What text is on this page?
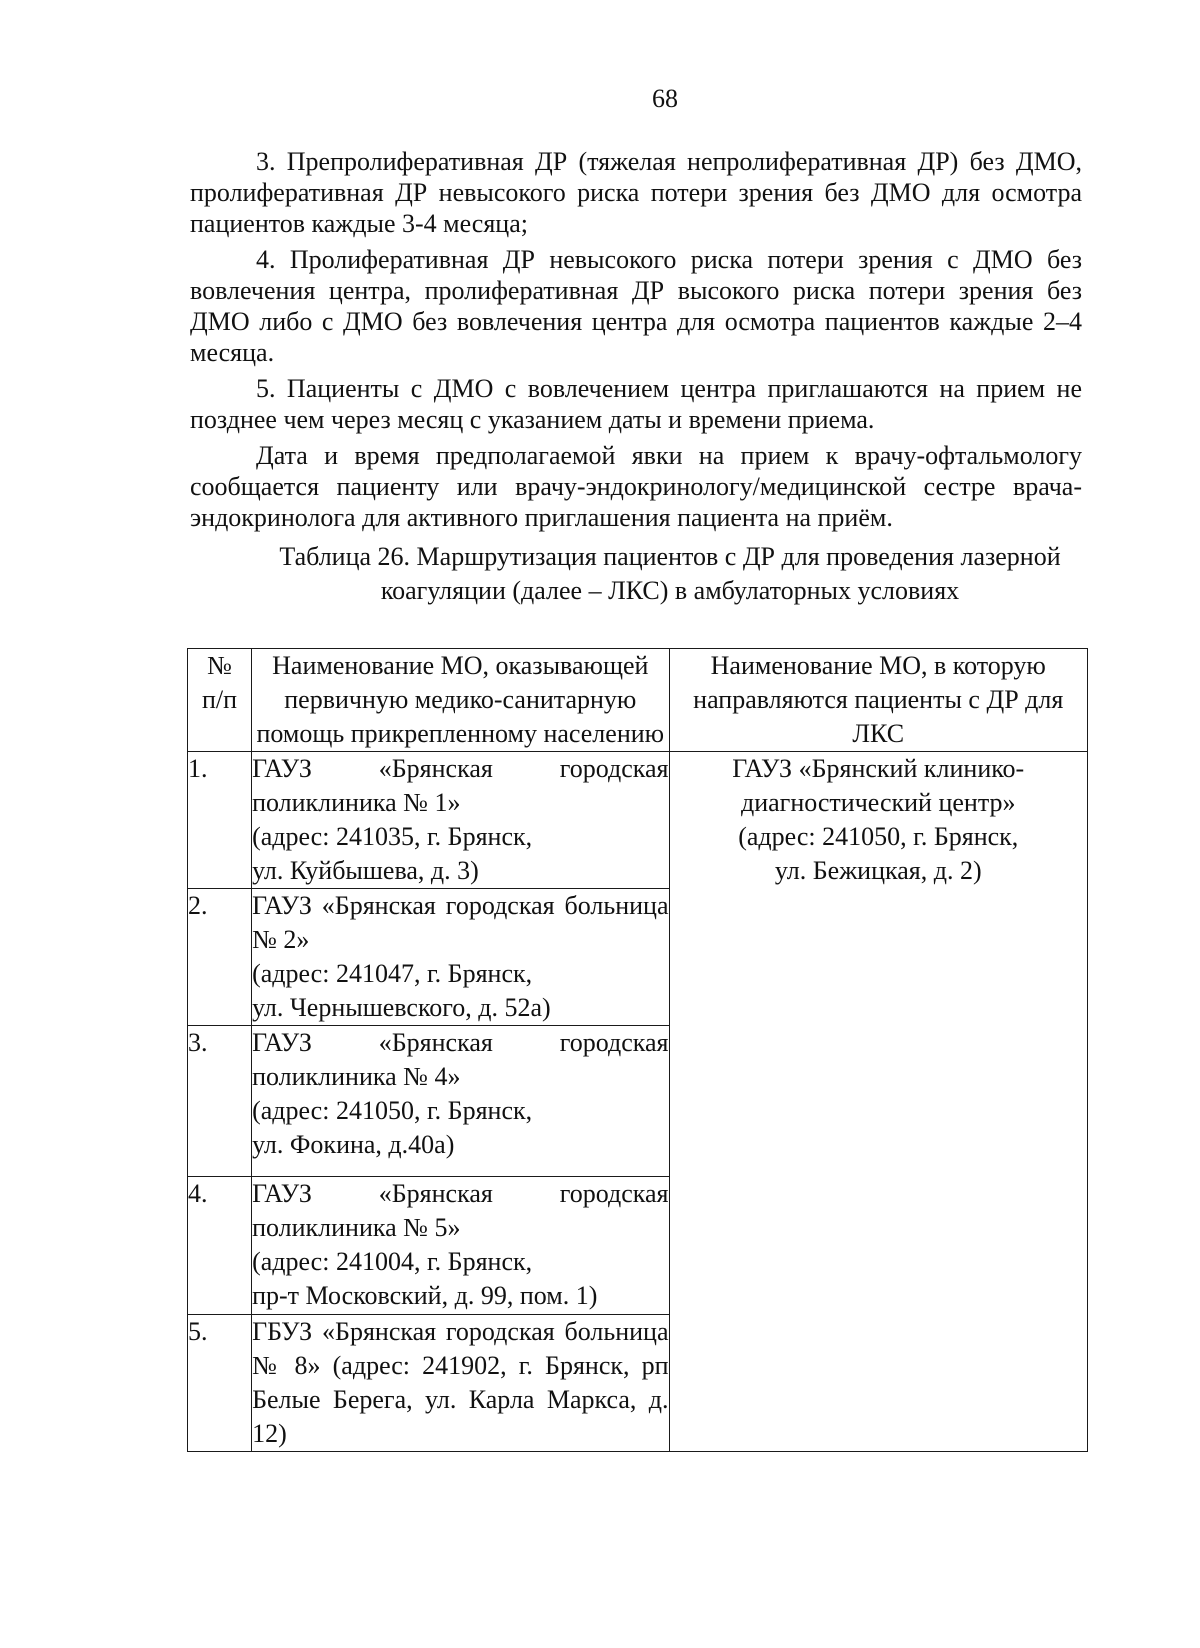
68

3. Препролиферативная ДР (тяжелая непролиферативная ДР) без ДМО, пролиферативная ДР невысокого риска потери зрения без ДМО для осмотра пациентов каждые 3-4 месяца;

4. Пролиферативная ДР невысокого риска потери зрения с ДМО без вовлечения центра, пролиферативная ДР высокого риска потери зрения без ДМО либо с ДМО без вовлечения центра для осмотра пациентов каждые 2–4 месяца.

5. Пациенты с ДМО с вовлечением центра приглашаются на прием не позднее чем через месяц с указанием даты и времени приема.

Дата и время предполагаемой явки на прием к врачу-офтальмологу сообщается пациенту или врачу-эндокринологу/медицинской сестре врача-эндокринолога для активного приглашения пациента на приём.

Таблица 26. Маршрутизация пациентов с ДР для проведения лазерной
коагуляции (далее – ЛКС) в амбулаторных условиях
№
п/п	Наименование МО, оказывающей первичную медико-санитарную помощь прикрепленному населению	Наименование МО, в которую направляются пациенты с ДР для ЛКС
1.	ГАУЗ «Брянская городская поликлиника № 1»
(адрес: 241035, г. Брянск,
ул. Куйбышева, д. 3)	ГАУЗ «Брянский клинико-
диагностический центр»
(адрес: 241050, г. Брянск,
ул. Бежицкая, д. 2)

2.	ГАУЗ «Брянская городская больница № 2»
(адрес: 241047, г. Брянск,
ул. Чернышевского, д. 52а)	

3.	ГАУЗ «Брянская городская поликлиника № 4»
(адрес: 241050, г. Брянск,
ул. Фокина, д.40а)	

4.	ГАУЗ «Брянская городская поликлиника № 5»
(адрес: 241004, г. Брянск,
пр-т Московский, д. 99, пом. 1)	

5.	ГБУЗ «Брянская городская больница № 8» (адрес: 241902, г. Брянск, рп Белые Берега, ул. Карла Маркса, д. 12)	
